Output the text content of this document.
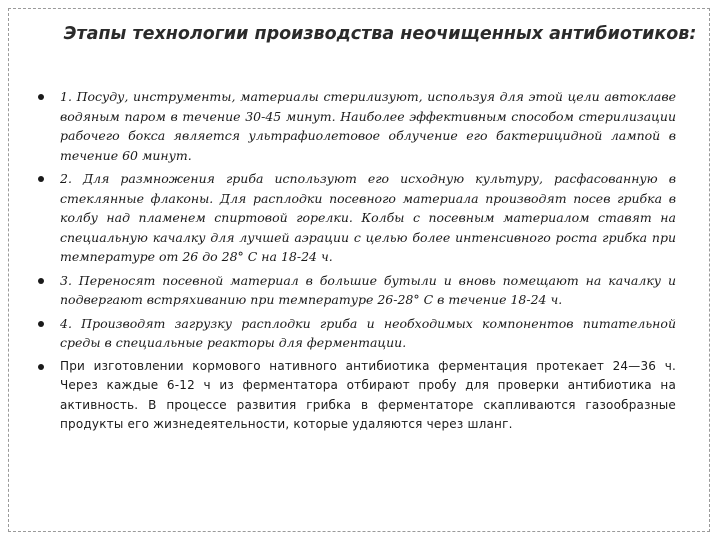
Этапы технологии производства неочищенных антибиотиков:
1. Посуду, инструменты, материалы стерилизуют, используя для этой цели автоклаве водяным паром в течение 30-45 минут. Наиболее эффективным способом стерилизации рабочего бокса является ультрафиолетовое облучение его бактерицидной лампой в течение 60 минут.
2. Для размножения гриба используют его исходную культуру, расфасованную в стеклянные флаконы. Для расплодки посевного материала производят посев грибка в колбу над пламенем спиртовой горелки. Колбы с посевным материалом ставят на специальную качалку для лучшей аэрации с целью более интенсивного роста грибка при температуре от 26 до 28° С на 18-24 ч.
3. Переносят посевной материал в большие бутыли и вновь помещают на качалку и подвергают встряхиванию при температуре 26-28° С в течение 18-24 ч.
4. Производят загрузку расплодки гриба и необходимых компонентов питательной среды в специальные реакторы для ферментации.
При изготовлении кормового нативного антибиотика ферментация протекает 24—36 ч. Через каждые 6-12 ч из ферментатора отбирают пробу для проверки антибиотика на активность. В процессе развития грибка в ферментаторе скапливаются газообразные продукты его жизнедеятельности, которые удаляются через шланг.
